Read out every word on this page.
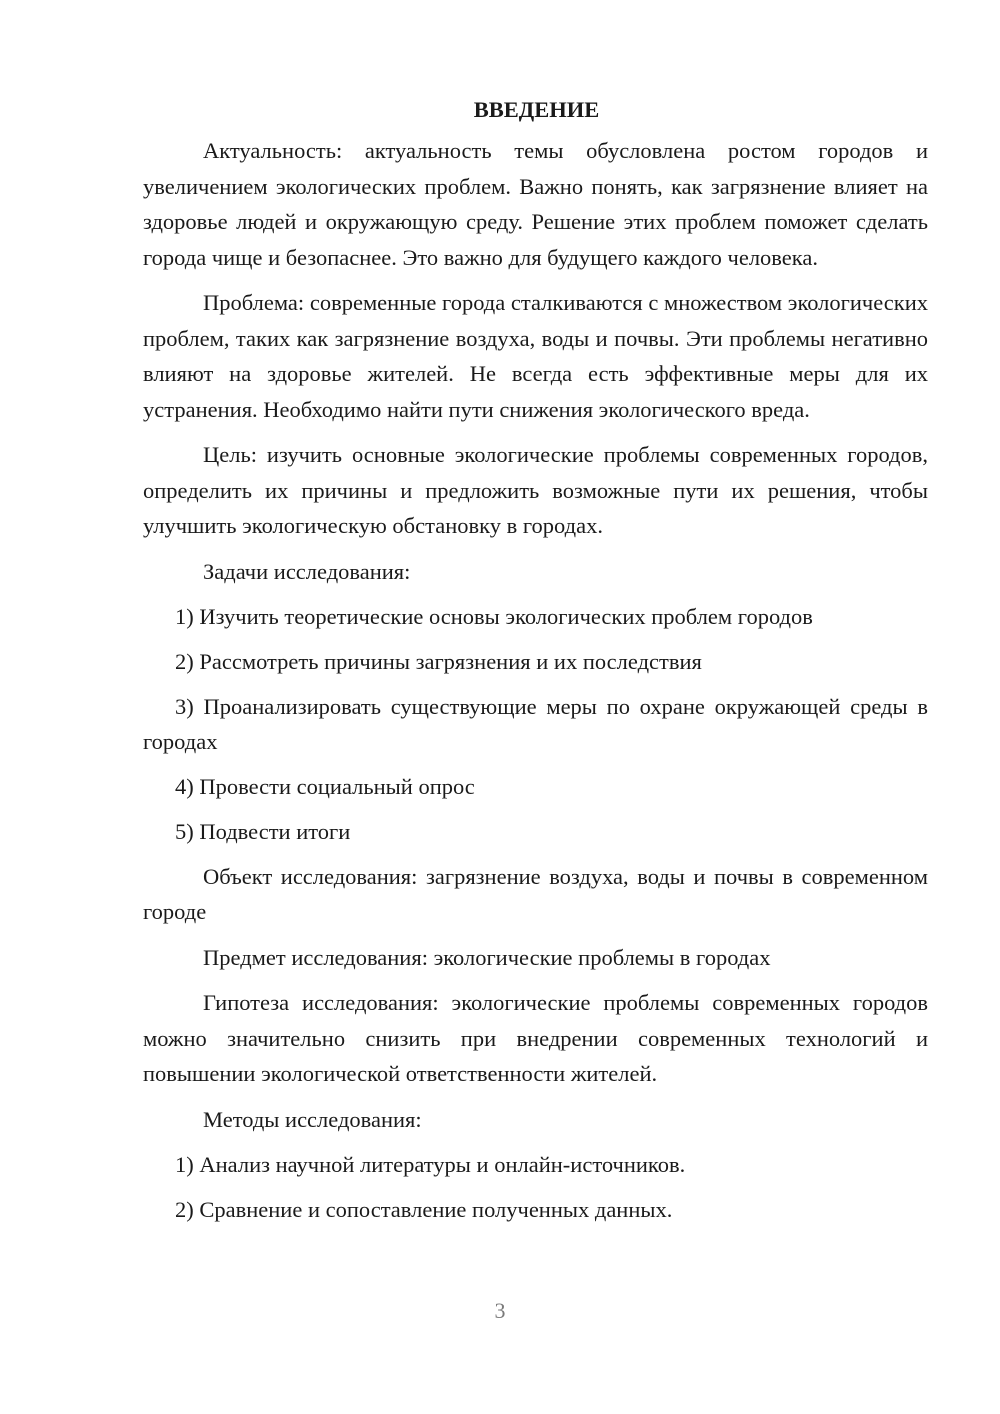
ВВЕДЕНИЕ

Актуальность: актуальность темы обусловлена ростом городов и увеличением экологических проблем. Важно понять, как загрязнение влияет на здоровье людей и окружающую среду. Решение этих проблем поможет сделать города чище и безопаснее. Это важно для будущего каждого человека.

Проблема: современные города сталкиваются с множеством экологических проблем, таких как загрязнение воздуха, воды и почвы. Эти проблемы негативно влияют на здоровье жителей. Не всегда есть эффективные меры для их устранения. Необходимо найти пути снижения экологического вреда.

Цель: изучить основные экологические проблемы современных городов, определить их причины и предложить возможные пути их решения, чтобы улучшить экологическую обстановку в городах.

Задачи исследования:

1) Изучить теоретические основы экологических проблем городов

2) Рассмотреть причины загрязнения и их последствия

3) Проанализировать существующие меры по охране окружающей среды в городах

4) Провести социальный опрос

5) Подвести итоги

Объект исследования: загрязнение воздуха, воды и почвы в современном городе

Предмет исследования: экологические проблемы в городах

Гипотеза исследования: экологические проблемы современных городов можно значительно снизить при внедрении современных технологий и повышении экологической ответственности жителей.

Методы исследования:

1) Анализ научной литературы и онлайн-источников.

2) Сравнение и сопоставление полученных данных.

3
